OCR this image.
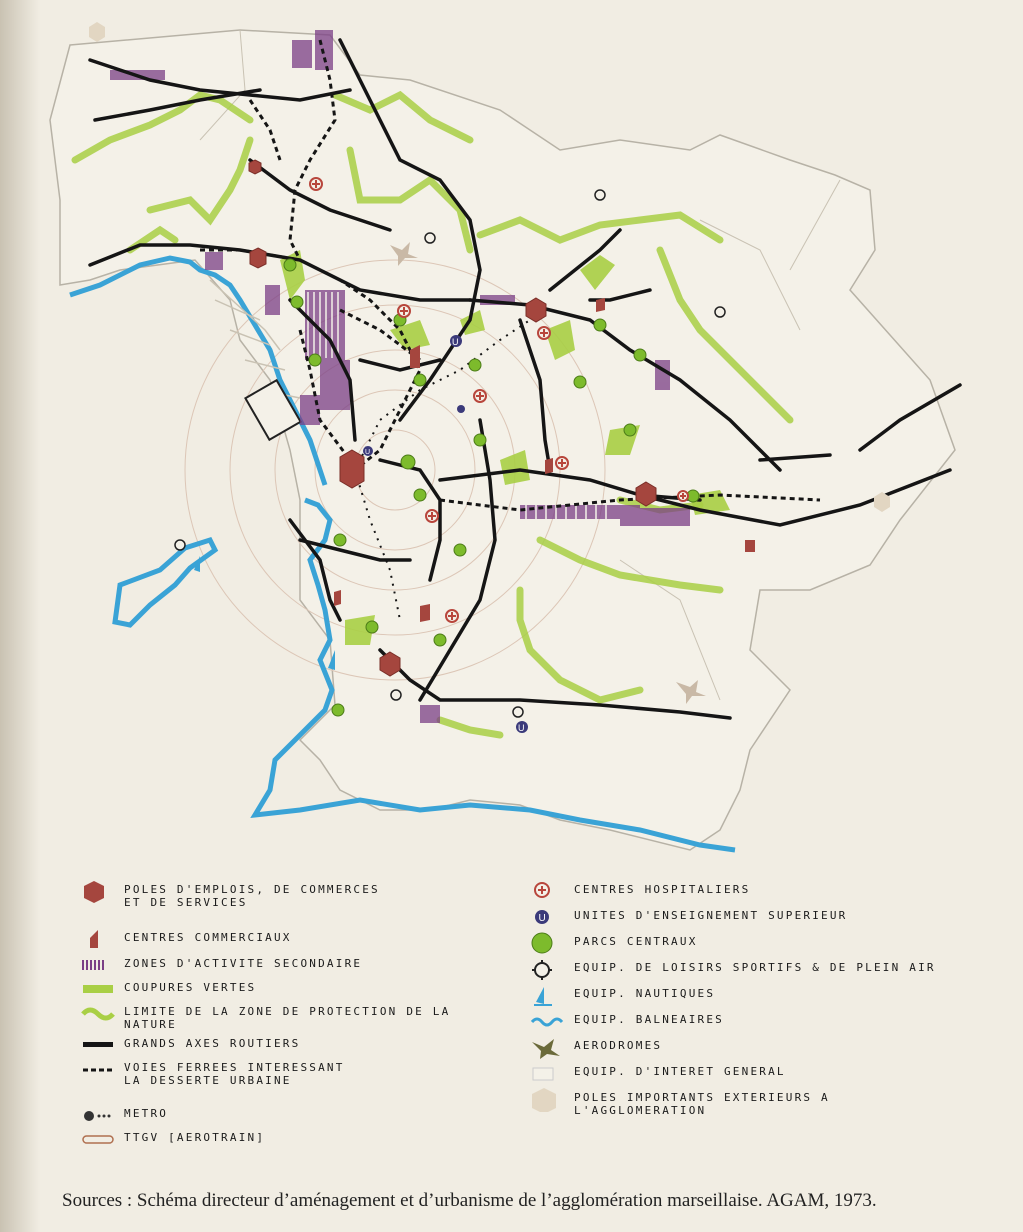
U
U
U
POLES D'EMPLOIS, DE COMMERCES
ET DE SERVICES
CENTRES COMMERCIAUX
ZONES D'ACTIVITE SECONDAIRE
COUPURES VERTES
LIMITE DE LA ZONE DE PROTECTION DE LA
NATURE
GRANDS AXES ROUTIERS
VOIES FERREES INTERESSANT
LA DESSERTE URBAINE
METRO
TTGV [AEROTRAIN]
CENTRES HOSPITALIERS
U	UNITES D'ENSEIGNEMENT SUPERIEUR
PARCS CENTRAUX
EQUIP. DE LOISIRS SPORTIFS & DE PLEIN AIR
EQUIP. NAUTIQUES
EQUIP. BALNEAIRES
AERODROMES
EQUIP. D'INTERET GENERAL
POLES IMPORTANTS EXTERIEURS A
L'AGGLOMERATION
Sources : Schéma directeur d’aménagement et d’urbanisme de l’agglomération marseillaise. AGAM, 1973.
